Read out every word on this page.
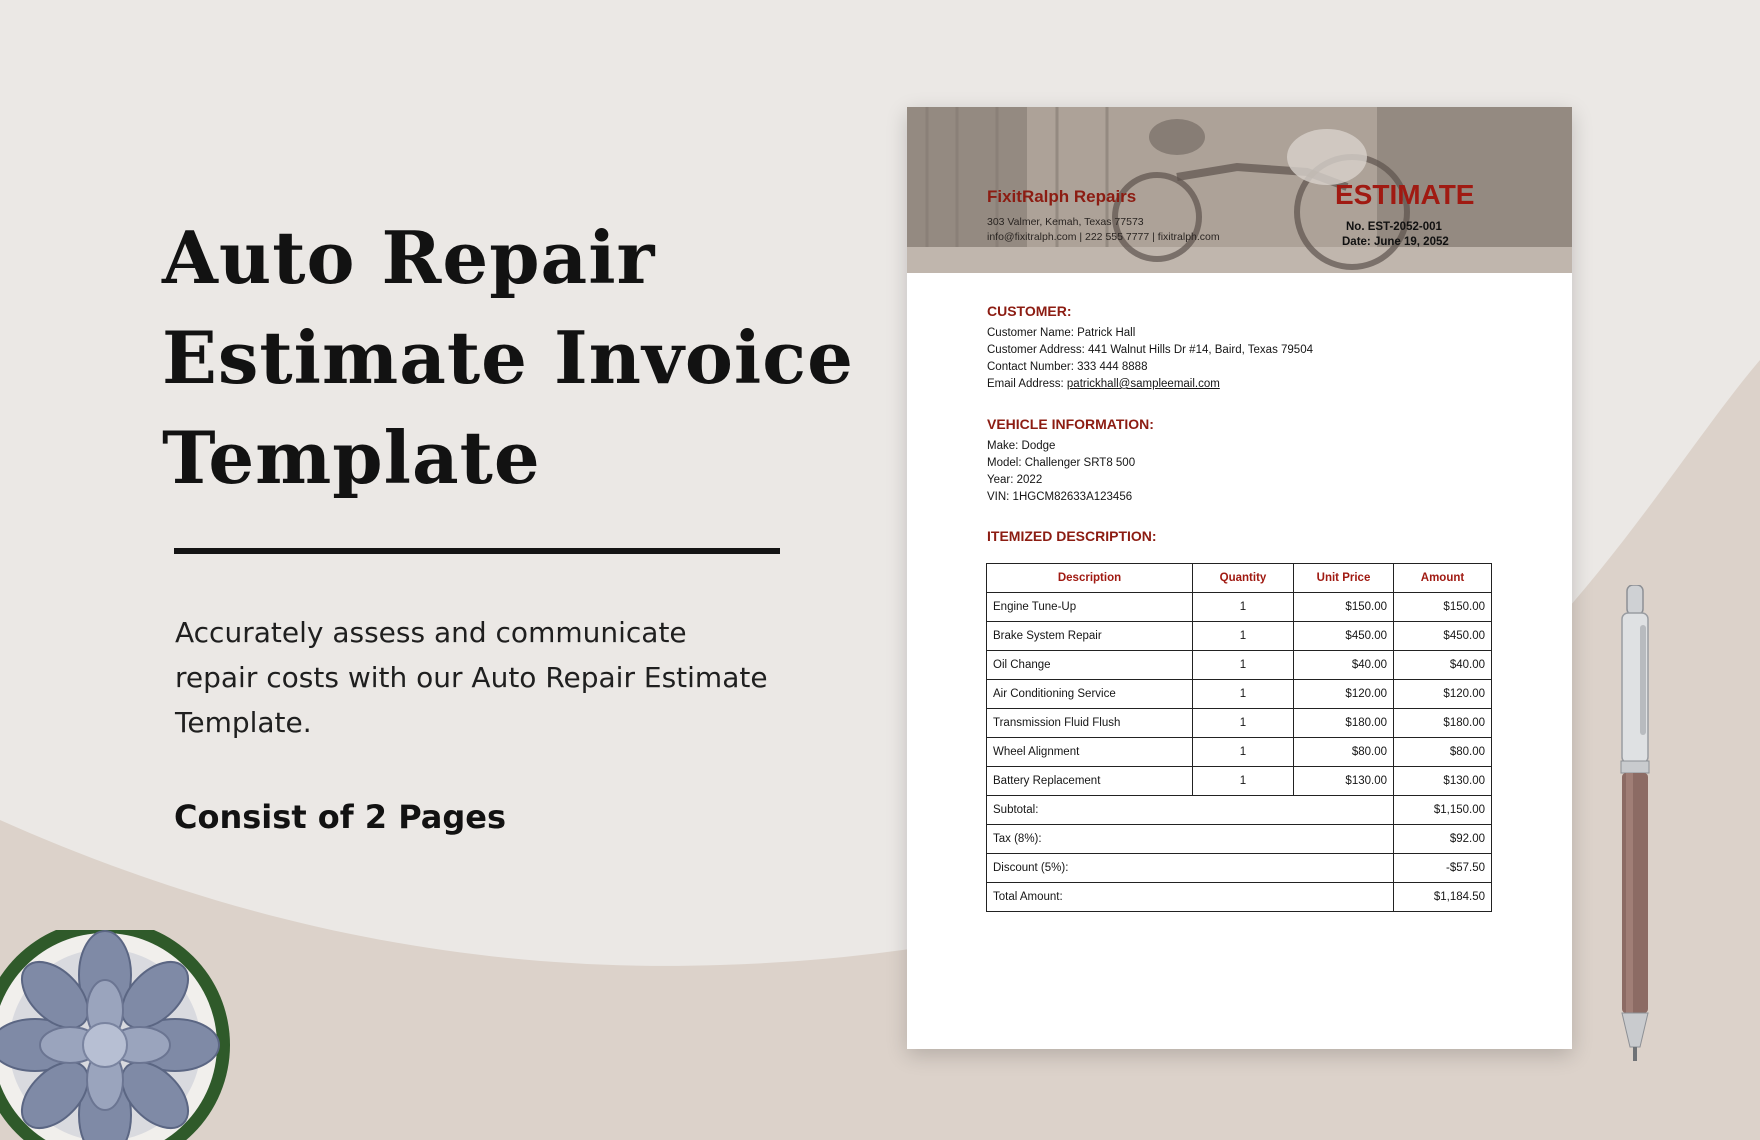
Auto Repair Estimate Invoice Template

Accurately assess and communicate repair costs with our Auto Repair Estimate Template.

Consist of 2 Pages

FixitRalph Repairs
303 Valmer, Kemah, Texas 77573
info@fixitralph.com | 222 555 7777 | fixitralph.com
ESTIMATE
No. EST-2052-001
Date: June 19, 2052
CUSTOMER:
Customer Name: Patrick Hall
Customer Address: 441 Walnut Hills Dr #14, Baird, Texas 79504
Contact Number: 333 444 8888
Email Address: patrickhall@sampleemail.com
VEHICLE INFORMATION:
Make: Dodge
Model: Challenger SRT8 500
Year: 2022
VIN: 1HGCM82633A123456
ITEMIZED DESCRIPTION:
Description	Quantity	Unit Price	Amount
Engine Tune-Up	1	$150.00	$150.00
Brake System Repair	1	$450.00	$450.00
Oil Change	1	$40.00	$40.00
Air Conditioning Service	1	$120.00	$120.00
Transmission Fluid Flush	1	$180.00	$180.00
Wheel Alignment	1	$80.00	$80.00
Battery Replacement	1	$130.00	$130.00
Subtotal:			$1,150.00
Tax (8%):			$92.00
Discount (5%):			-$57.50
Total Amount:			$1,184.50
